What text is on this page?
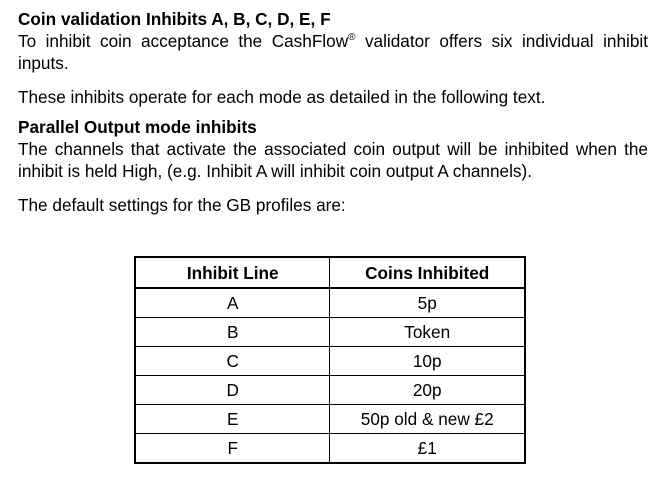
Coin validation Inhibits A, B, C, D, E, F

To inhibit coin acceptance the CashFlow® validator offers six individual inhibit inputs.

These inhibits operate for each mode as detailed in the following text.

Parallel Output mode inhibits

The channels that activate the associated coin output will be inhibited when the inhibit is held High, (e.g. Inhibit A will inhibit coin output A channels).

The default settings for the GB profiles are:

Inhibit Line	Coins Inhibited
A	5p
B	Token
C	10p
D	20p
E	50p old & new £2
F	£1
